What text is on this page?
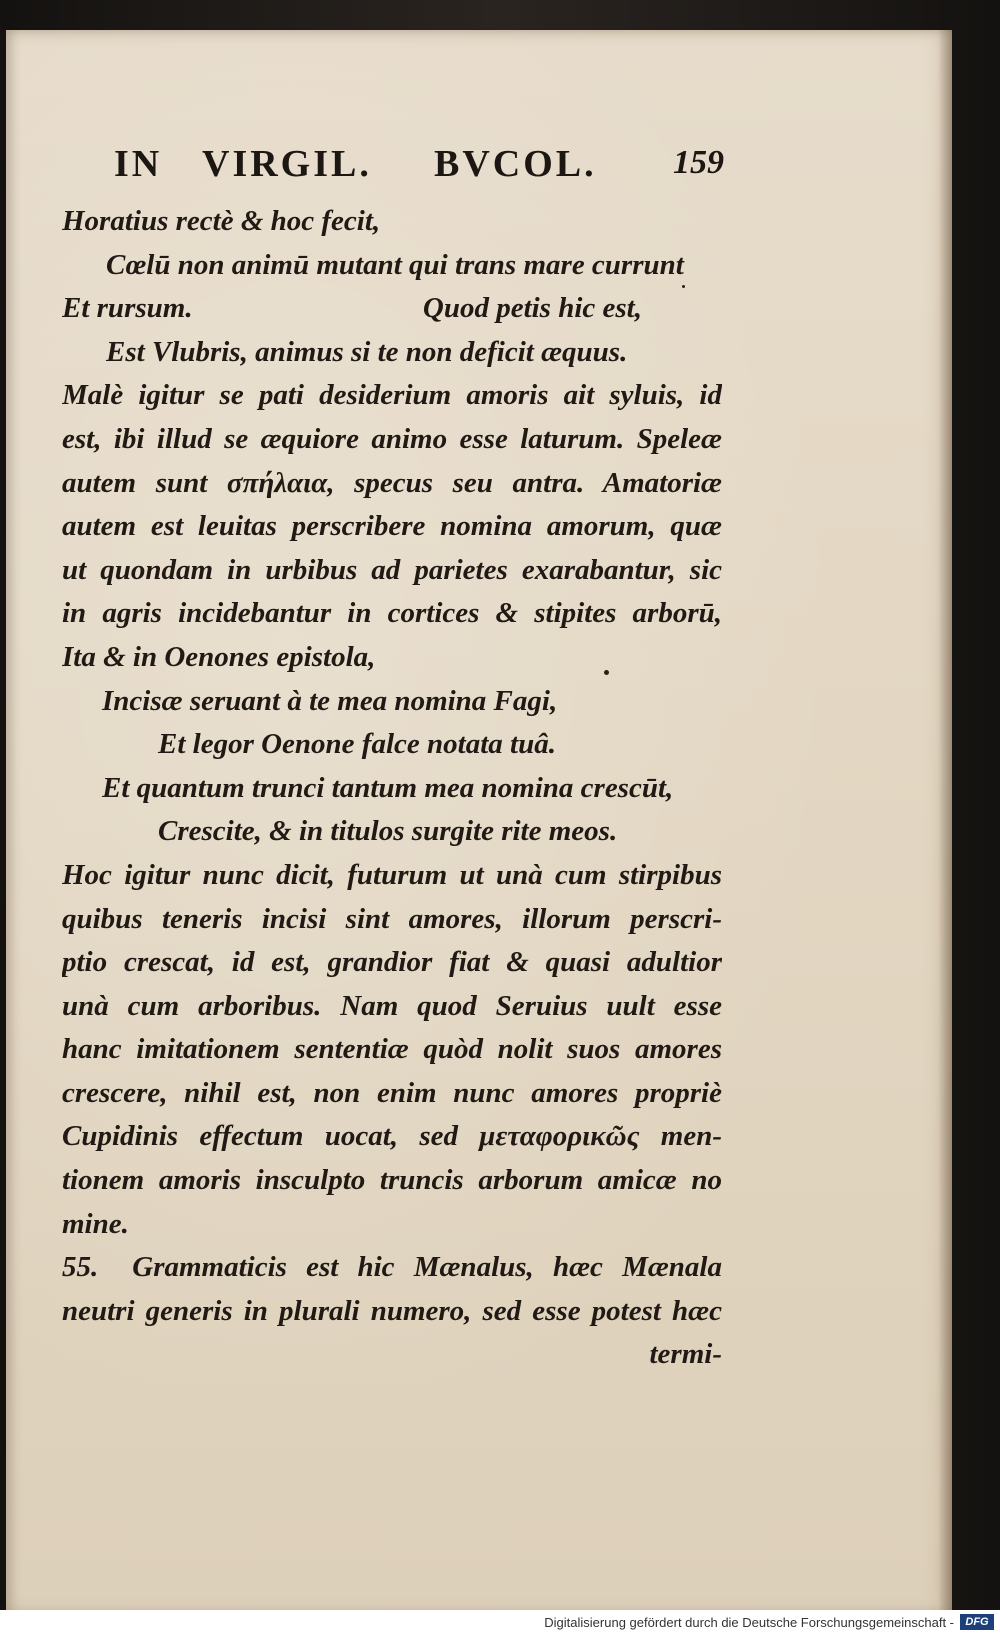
IN VIRGIL. BVCOL. 159
Horatius rectè & hoc fecit,
Cœlū non animū mutant qui trans mare currunt
Et rursum.	Quod petis hic est,
Est Vlubris, animus si te non deficit æquus.
Malè igitur se pati desiderium amoris ait syluis, id
est, ibi illud se æquiore animo esse laturum. Speleæ
autem sunt σπήλαια, specus seu antra. Amatoriæ
autem est leuitas perscribere nomina amorum, quæ
ut quondam in urbibus ad parietes exarabantur, sic
in agris incidebantur in cortices & stipites arborū,
Ita & in Oenones epistola,
Incisæ seruant à te mea nomina Fagi,
Et legor Oenone falce notata tuâ.
Et quantum trunci tantum mea nomina crescūt,
Crescite, & in titulos surgite rite meos.
Hoc igitur nunc dicit, futurum ut unà cum stirpibus
quibus teneris incisi sint amores, illorum perscri-
ptio crescat, id est, grandior fiat & quasi adultior
unà cum arboribus. Nam quod Seruius uult esse
hanc imitationem sententiæ quòd nolit suos amores
crescere, nihil est, non enim nunc amores propriè
Cupidinis effectum uocat, sed μεταφορικῶς men-
tionem amoris insculpto truncis arborum amicæ no
mine.
55.	Grammaticis est hic Mænalus, hæc Mænala
neutri generis in plurali numero, sed esse potest hæc
termi-
Digitalisierung gefördert durch die Deutsche Forschungsgemeinschaft -	DFG
